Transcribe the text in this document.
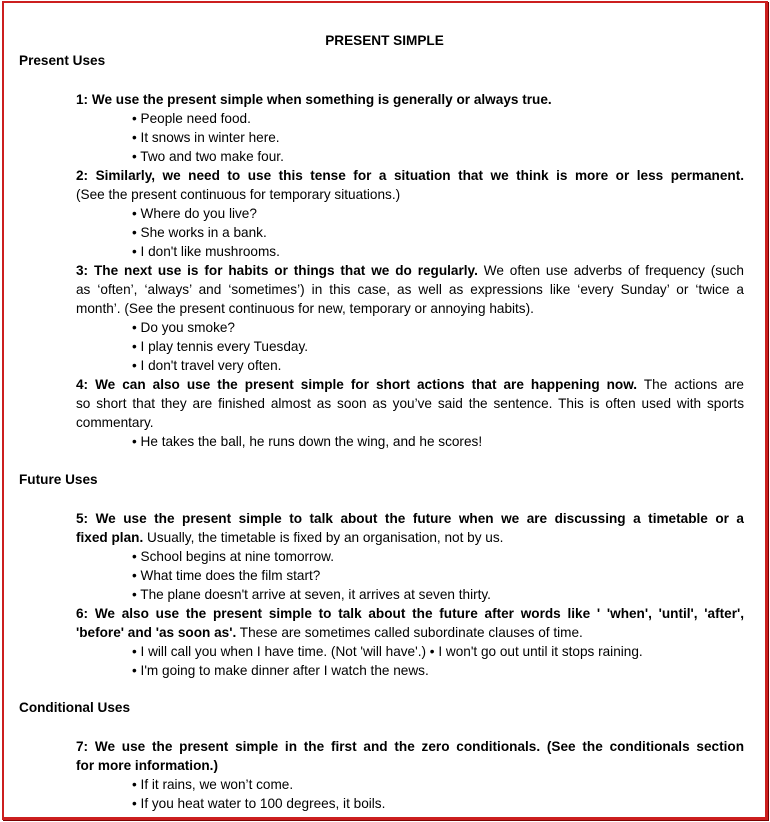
PRESENT SIMPLE
Present Uses
1: We use the present simple when something is generally or always true.
• People need food.
• It snows in winter here.
• Two and two make four.
2: Similarly, we need to use this tense for a situation that we think is more or less permanent.
(See the present continuous for temporary situations.)
• Where do you live?
• She works in a bank.
• I don't like mushrooms.
3: The next use is for habits or things that we do regularly. We often use adverbs of frequency (such
as ‘often’, ‘always’ and ‘sometimes’) in this case, as well as expressions like ‘every Sunday’ or ‘twice a
month’. (See the present continuous for new, temporary or annoying habits).
• Do you smoke?
• I play tennis every Tuesday.
• I don't travel very often.
4: We can also use the present simple for short actions that are happening now. The actions are
so short that they are finished almost as soon as you’ve said the sentence. This is often used with sports
commentary.
• He takes the ball, he runs down the wing, and he scores!
Future Uses
5: We use the present simple to talk about the future when we are discussing a timetable or a
fixed plan. Usually, the timetable is fixed by an organisation, not by us.
• School begins at nine tomorrow.
• What time does the film start?
• The plane doesn't arrive at seven, it arrives at seven thirty.
6: We also use the present simple to talk about the future after words like ' 'when', 'until', 'after',
'before' and 'as soon as'. These are sometimes called subordinate clauses of time.
• I will call you when I have time. (Not 'will have'.) • I won't go out until it stops raining.
• I'm going to make dinner after I watch the news.
Conditional Uses
7: We use the present simple in the first and the zero conditionals. (See the conditionals section
for more information.)
• If it rains, we won’t come.
• If you heat water to 100 degrees, it boils.
